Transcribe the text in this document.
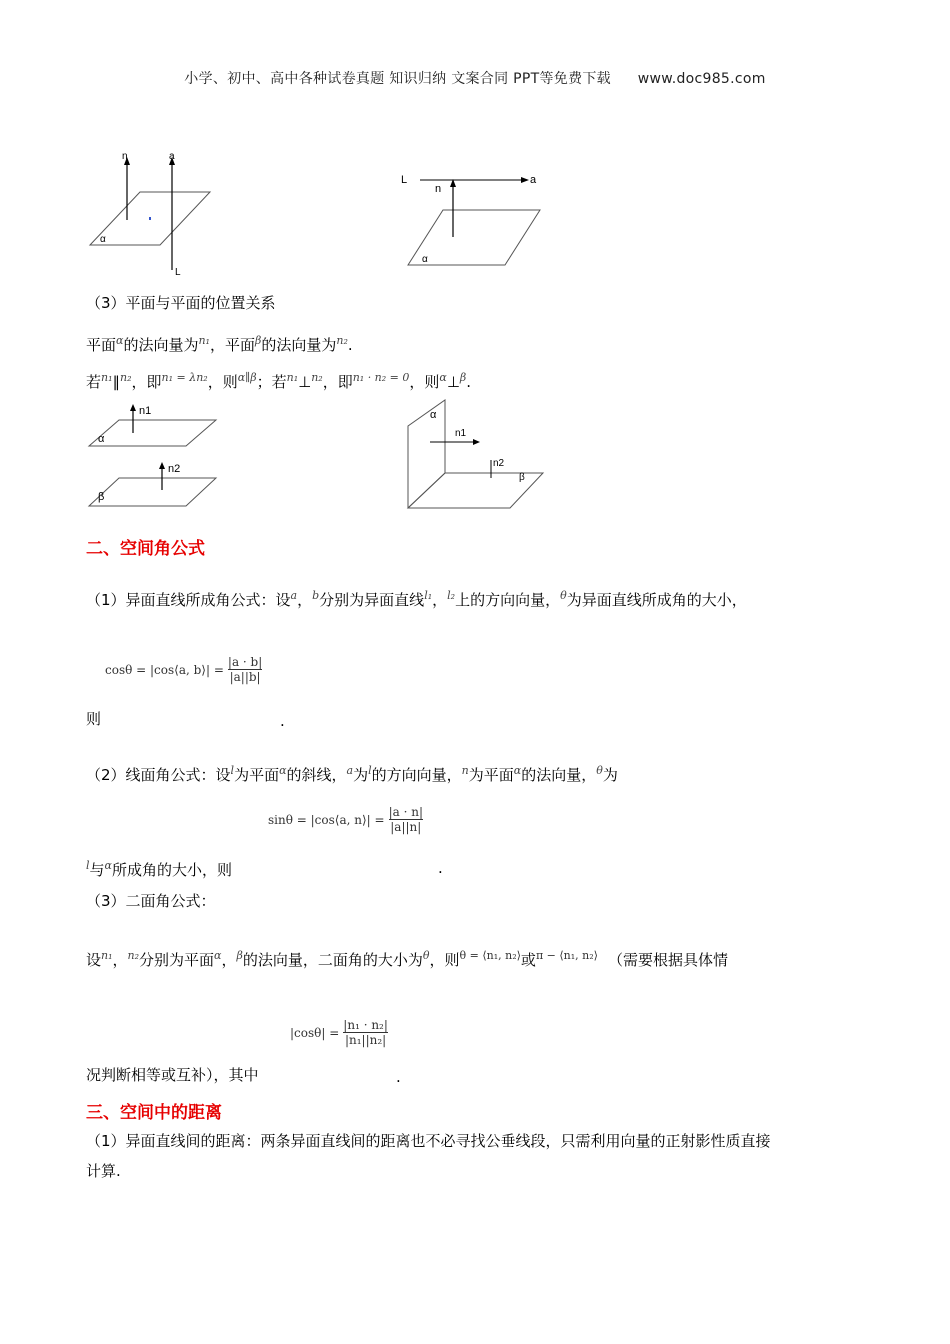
小学、初中、高中各种试卷真题 知识归纳 文案合同 PPT等免费下载 www.doc985.com
n	a
α
L
L
n
a
α
（3）平面与平面的位置关系
平面$^\alpha$的法向量为$^{n_1}$，平面$^\beta$的法向量为$^{n_2}$.
若$^{n_1}$∥$^{n_2}$，即$^{n_1 = \lambda n_2}$，则$^{\alpha\parallel\beta}$；若$^{n_1}$⊥$^{n_2}$，即$^{n_1 \cdot n_2 = 0}$，则$^\alpha$⊥$^\beta$.
n1
α
n2
β
α
n1
n2
β
二、空间角公式
（1）异面直线所成角公式：设$^a$，$^b$分别为异面直线$^{l_1}$，$^{l_2}$上的方向向量，$^\theta$为异面直线所成角的大小，
cosθ = |cos⟨a, b⟩| = $\frac{|a \cdot b|}{|a||b|}$
则	.
（2）线面角公式：设$^l$为平面$^\alpha$的斜线，$^a$为$^l$的方向向量，$^n$为平面$^\alpha$的法向量，$^\theta$为
sinθ = |cos⟨a, n⟩| = $\frac{|a \cdot n|}{|a||n|}$
$^l$与$^\alpha$所成角的大小，则	.
（3）二面角公式：
设$^{n_1}$，$^{n_2}$分别为平面$^\alpha$，$^\beta$的法向量，二面角的大小为$^\theta$，则$^{\theta = ⟨n_1, n_2⟩}$或$^{\pi - ⟨n_1, n_2⟩}$ （需要根据具体情
$|\cos\theta| = \frac{\text{|n₁ · n₂|}}{\text{|n₁||n₂|}}$
况判断相等或互补），其中	.
三、空间中的距离
（1）异面直线间的距离：两条异面直线间的距离也不必寻找公垂线段，只需利用向量的正射影性质直接
计算.
